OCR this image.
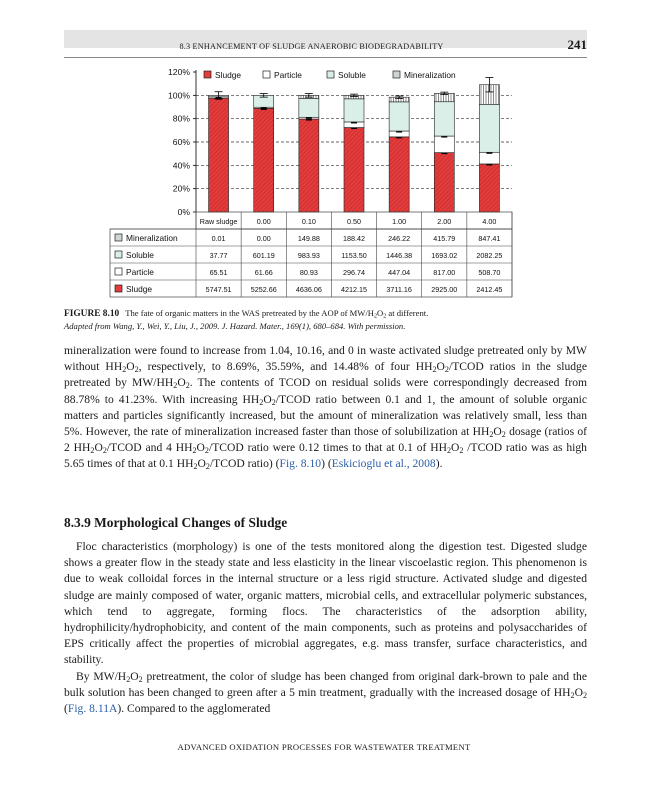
8.3 ENHANCEMENT OF SLUDGE ANAEROBIC BIODEGRADABILITY	241
0%
20%
40%
60%
80%
100%
120%	Sludge	Particle	Soluble	Mineralization
Raw sludge	0.00	0.10	0.50	1.00	2.00	4.00
Mineralization	0.01	0.00	149.88	188.42	246.22	415.79	847.41
Soluble	37.77	601.19	983.93	1153.50	1446.38	1693.02	2082.25
Particle	65.51	61.66	80.93	296.74	447.04	817.00	508.70
Sludge	5747.51	5252.66	4636.06	4212.15	3711.16	2925.00	2412.45
FIGURE 8.10 The fate of organic matters in the WAS pretreated by the AOP of $MW/H_2O_2$ at different.
Adapted from Wang, Y., Wei, Y., Liu, J., 2009. J. Hazard. Mater., 169(1), 680–684. With permission.

mineralization were found to increase from 1.04, 10.16, and 0 in waste activated sludge pretreated only by MW without $HH_2O_2$, respectively, to 8.69%, 35.59%, and 14.48% of four $HH_2O_2$/TCOD ratios in the sludge pretreated by $MW/HH_2O_2$. The contents of TCOD on residual solids were correspondingly decreased from 88.78% to 41.23%. With increasing $HH_2O_2$/TCOD ratio between 0.1 and 1, the amount of soluble organic matters and particles significantly increased, but the amount of mineralization was relatively small, less than 5%. However, the rate of mineralization increased faster than those of solubilization at $HH_2O_2$ dosage (ratios of 2 $HH_2O_2$/TCOD and 4 $HH_2O_2$/TCOD ratio were 0.12 times to that at 0.1 of $HH_2O_2$ /TCOD ratio was as high 5.65 times of that at 0.1 $HH_2O_2$/TCOD ratio) (Fig. 8.10) (Eskicioglu et al., 2008).

8.3.9 Morphological Changes of Sludge

Floc characteristics (morphology) is one of the tests monitored along the digestion test. Digested sludge shows a greater flow in the steady state and less elasticity in the linear viscoelastic region. This phenomenon is due to weak colloidal forces in the internal structure or a less rigid structure. Activated sludge and digested sludge are mainly composed of water, organic matters, microbial cells, and extracellular polymeric substances, which tend to aggregate, forming flocs. The characteristics of the adsorption ability, hydrophilicity/hydrophobicity, and content of the main components, such as proteins and polysaccharides of EPS critically affect the properties of microbial aggregates, e.g. mass transfer, surface characteristics, and stability.

By $MW/H_2O_2$ pretreatment, the color of sludge has been changed from original dark-brown to pale and the bulk solution has been changed to green after a 5 min treatment, gradually with the increased dosage of $HH_2O_2$ (Fig. 8.11A). Compared to the agglomerated

ADVANCED OXIDATION PROCESSES FOR WASTEWATER TREATMENT
